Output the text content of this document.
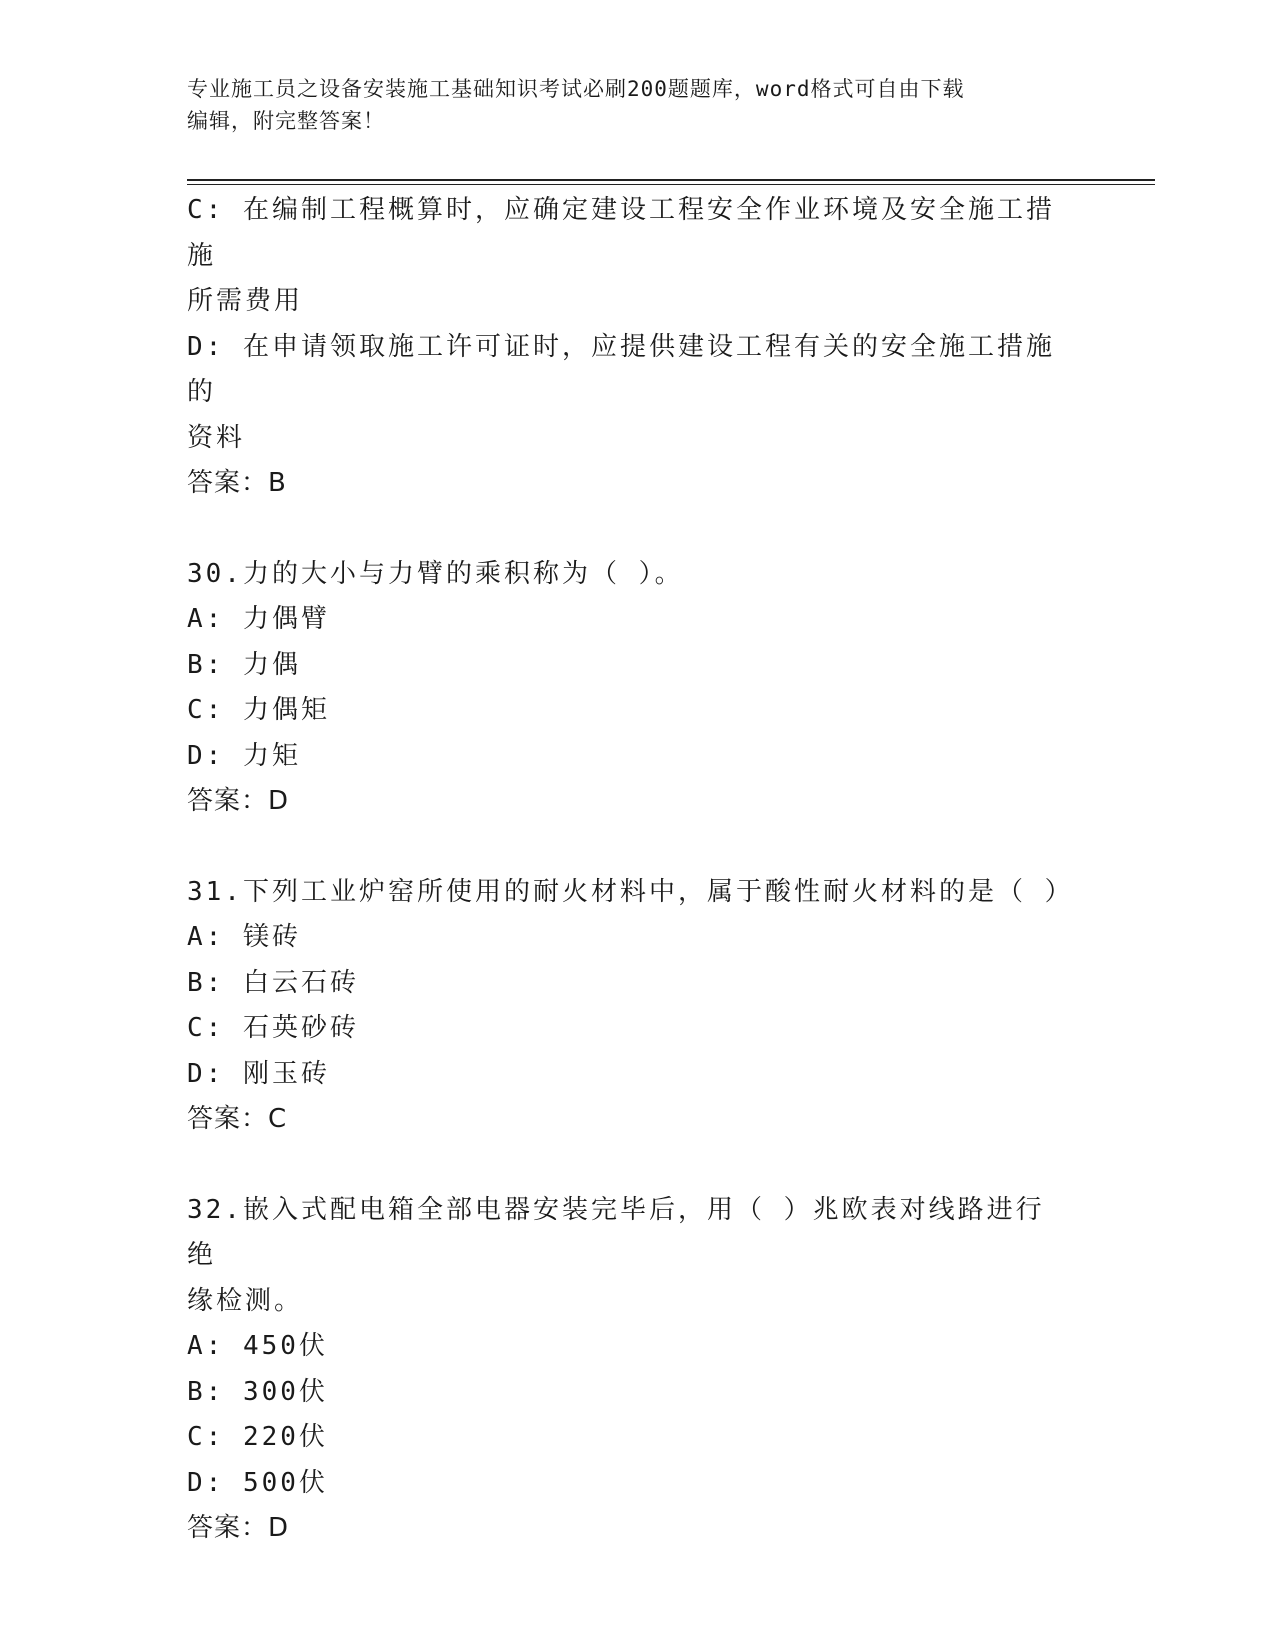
专业施工员之设备安装施工基础知识考试必刷200题题库，word格式可自由下载
编辑，附完整答案！

C: 在编制工程概算时，应确定建设工程安全作业环境及安全施工措施

所需费用

D: 在申请领取施工许可证时，应提供建设工程有关的安全施工措施的

资料

答案：B

30.力的大小与力臂的乘积称为（ ）。

A: 力偶臂

B: 力偶

C: 力偶矩

D: 力矩

答案：D

31.下列工业炉窑所使用的耐火材料中，属于酸性耐火材料的是（ ）

A: 镁砖

B: 白云石砖

C: 石英砂砖

D: 刚玉砖

答案：C

32.嵌入式配电箱全部电器安装完毕后，用（ ）兆欧表对线路进行绝

缘检测。

A: 450伏

B: 300伏

C: 220伏

D: 500伏

答案：D
